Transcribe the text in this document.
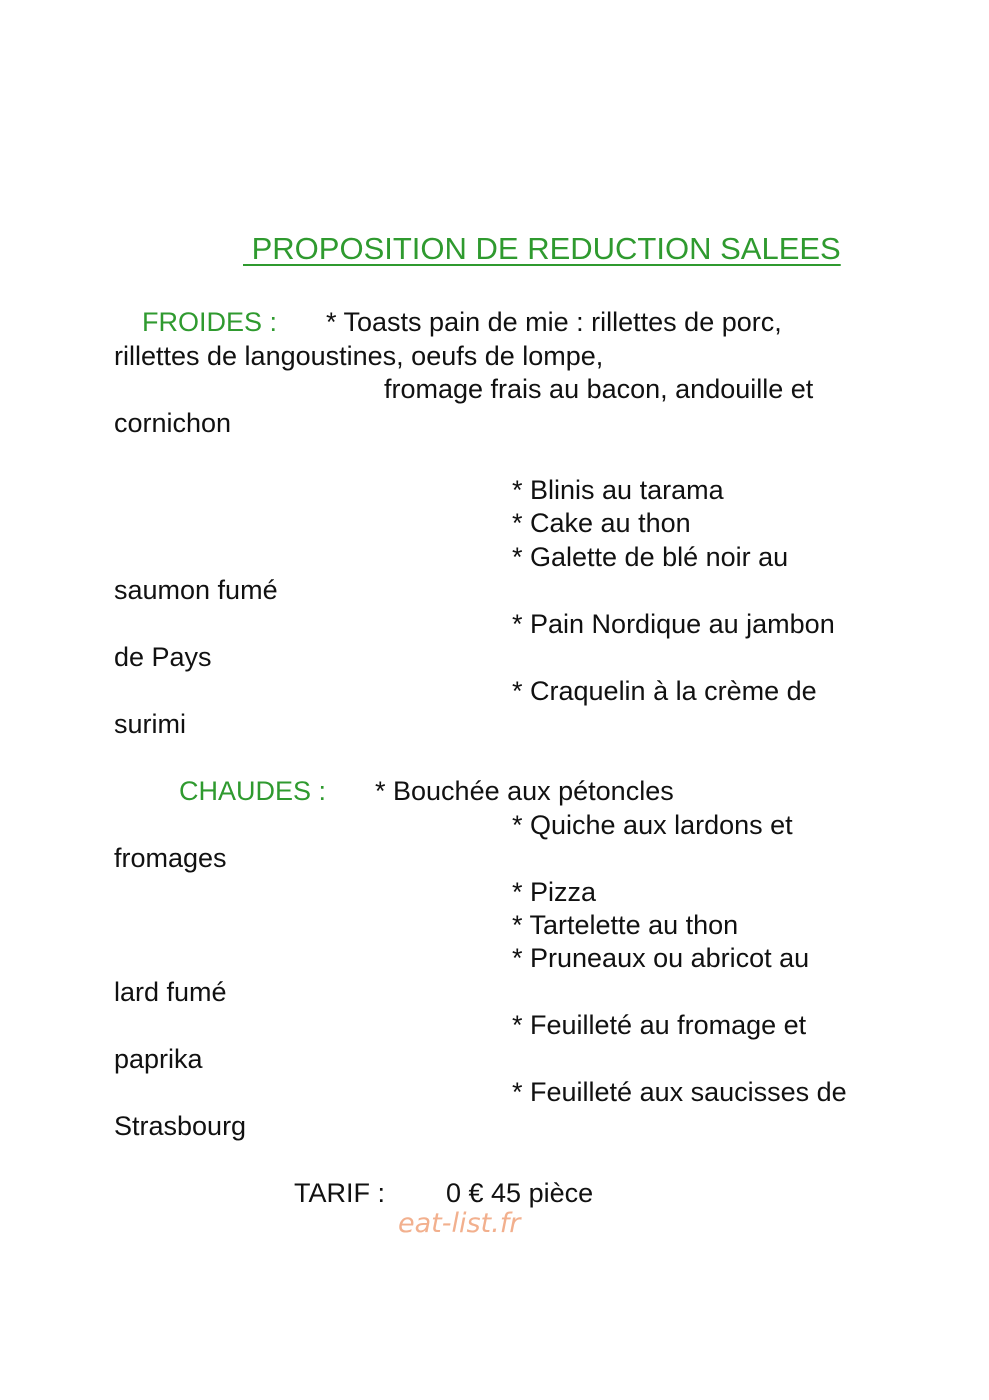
PROPOSITION DE REDUCTION SALEES

FROIDES : * Toasts pain de mie : rillettes de porc,

rillettes de langoustines, oeufs de lompe,

fromage frais au bacon, andouille et

cornichon

* Blinis au tarama

* Cake au thon

* Galette de blé noir au

saumon fumé

* Pain Nordique au jambon

de Pays

* Craquelin à la crème de

surimi

CHAUDES : * Bouchée aux pétoncles

* Quiche aux lardons et

fromages

* Pizza

* Tartelette au thon

* Pruneaux ou abricot au

lard fumé

* Feuilleté au fromage et

paprika

* Feuilleté aux saucisses de

Strasbourg

TARIF : 0 € 45 pièce

eat-list.fr
